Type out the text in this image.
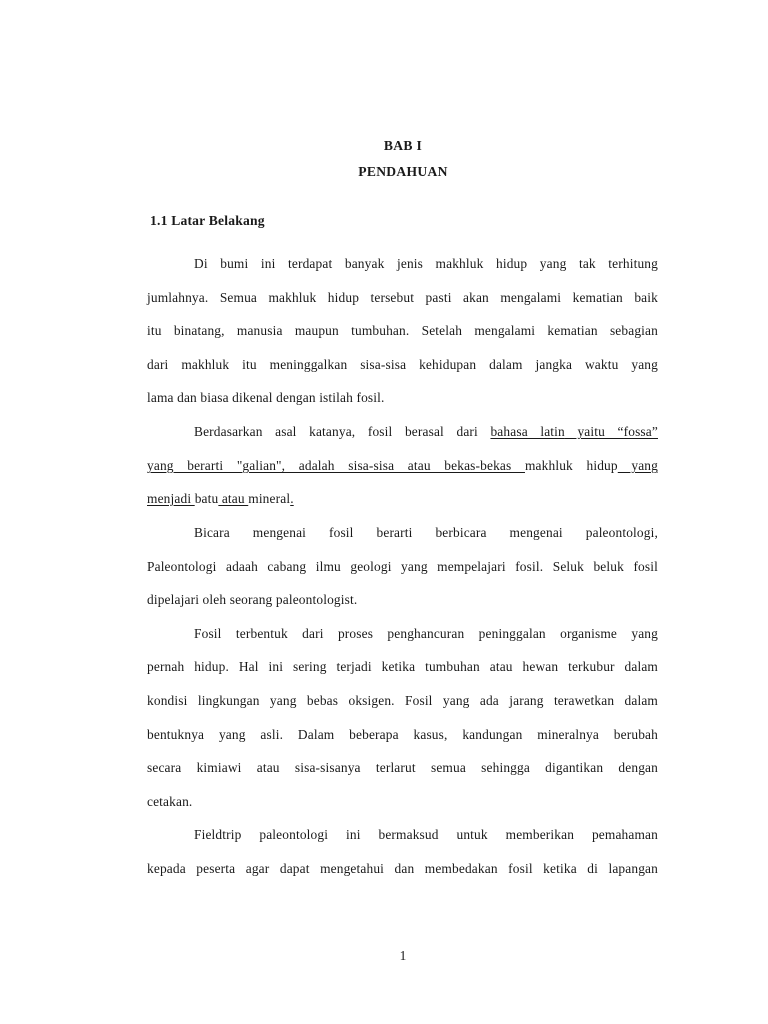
BAB I
PENDAHUAN
1.1 Latar Belakang
Di bumi ini terdapat banyak jenis makhluk hidup yang tak terhitung
jumlahnya. Semua makhluk hidup tersebut pasti akan mengalami kematian baik
itu binatang, manusia maupun tumbuhan. Setelah mengalami kematian sebagian
dari makhluk itu meninggalkan sisa-sisa kehidupan dalam jangka waktu yang
lama dan biasa dikenal dengan istilah fosil.
Berdasarkan asal katanya, fosil berasal dari bahasa latin yaitu “fossa”
yang berarti "galian", adalah sisa-sisa atau bekas-bekas makhluk hidup yang
menjadi batu atau mineral.
Bicara mengenai fosil berarti berbicara mengenai paleontologi,
Paleontologi adaah cabang ilmu geologi yang mempelajari fosil. Seluk beluk fosil
dipelajari oleh seorang paleontologist.
Fosil terbentuk dari proses penghancuran peninggalan organisme yang
pernah hidup. Hal ini sering terjadi ketika tumbuhan atau hewan terkubur dalam
kondisi lingkungan yang bebas oksigen. Fosil yang ada jarang terawetkan dalam
bentuknya yang asli. Dalam beberapa kasus, kandungan mineralnya berubah
secara kimiawi atau sisa-sisanya terlarut semua sehingga digantikan dengan
cetakan.
Fieldtrip paleontologi ini bermaksud untuk memberikan pemahaman
kepada peserta agar dapat mengetahui dan membedakan fosil ketika di lapangan
1
